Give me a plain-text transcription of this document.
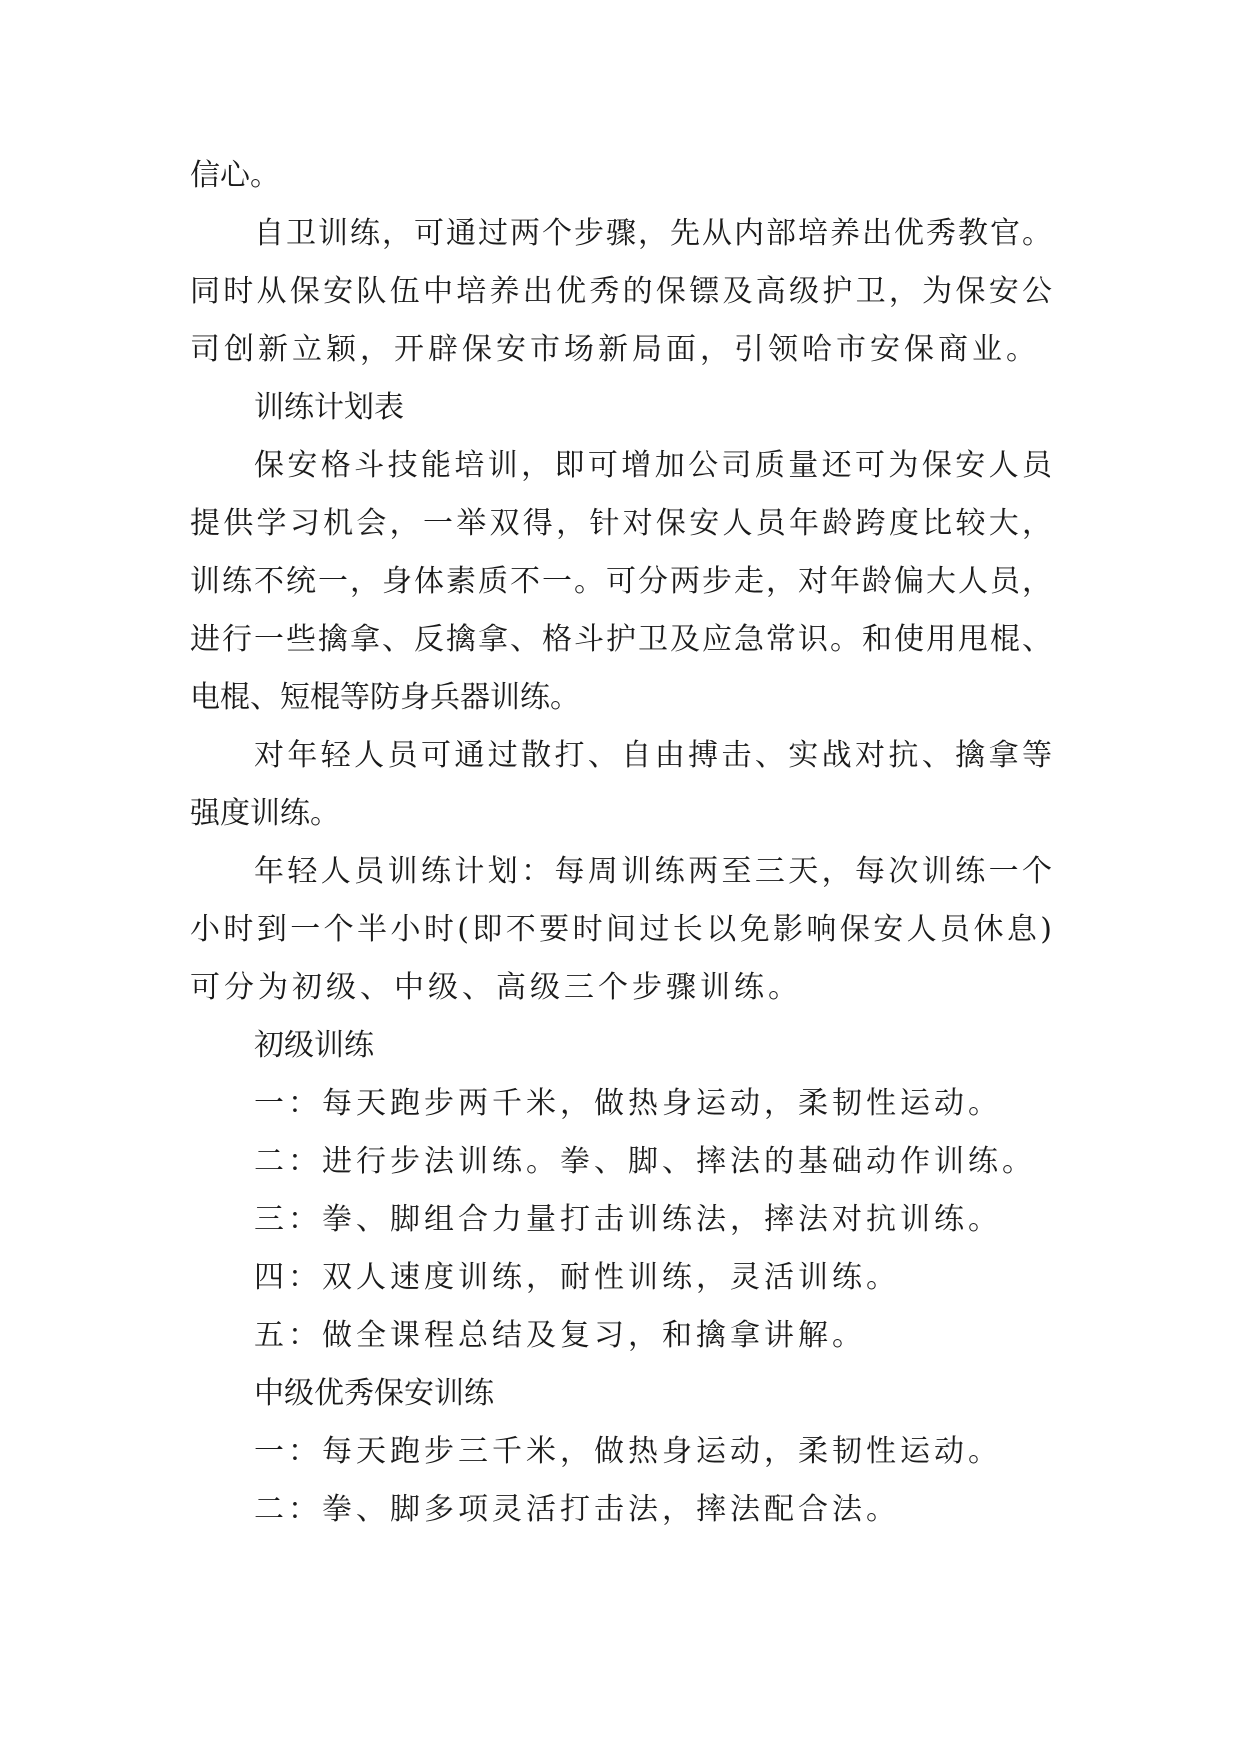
信心。
自卫训练，可通过两个步骤，先从内部培养出优秀教官。
同时从保安队伍中培养出优秀的保镖及高级护卫，为保安公
司创新立颖，开辟保安市场新局面，引领哈市安保商业。
训练计划表
保安格斗技能培训，即可增加公司质量还可为保安人员
提供学习机会，一举双得，针对保安人员年龄跨度比较大，
训练不统一，身体素质不一。可分两步走，对年龄偏大人员，
进行一些擒拿、反擒拿、格斗护卫及应急常识。和使用甩棍、
电棍、短棍等防身兵器训练。
对年轻人员可通过散打、自由搏击、实战对抗、擒拿等
强度训练。
年轻人员训练计划：每周训练两至三天，每次训练一个
小时到一个半小时(即不要时间过长以免影响保安人员休息)
可分为初级、中级、高级三个步骤训练。
初级训练
一：每天跑步两千米，做热身运动，柔韧性运动。
二：进行步法训练。拳、脚、摔法的基础动作训练。
三：拳、脚组合力量打击训练法，摔法对抗训练。
四：双人速度训练，耐性训练，灵活训练。
五：做全课程总结及复习，和擒拿讲解。
中级优秀保安训练
一：每天跑步三千米，做热身运动，柔韧性运动。
二：拳、脚多项灵活打击法，摔法配合法。
